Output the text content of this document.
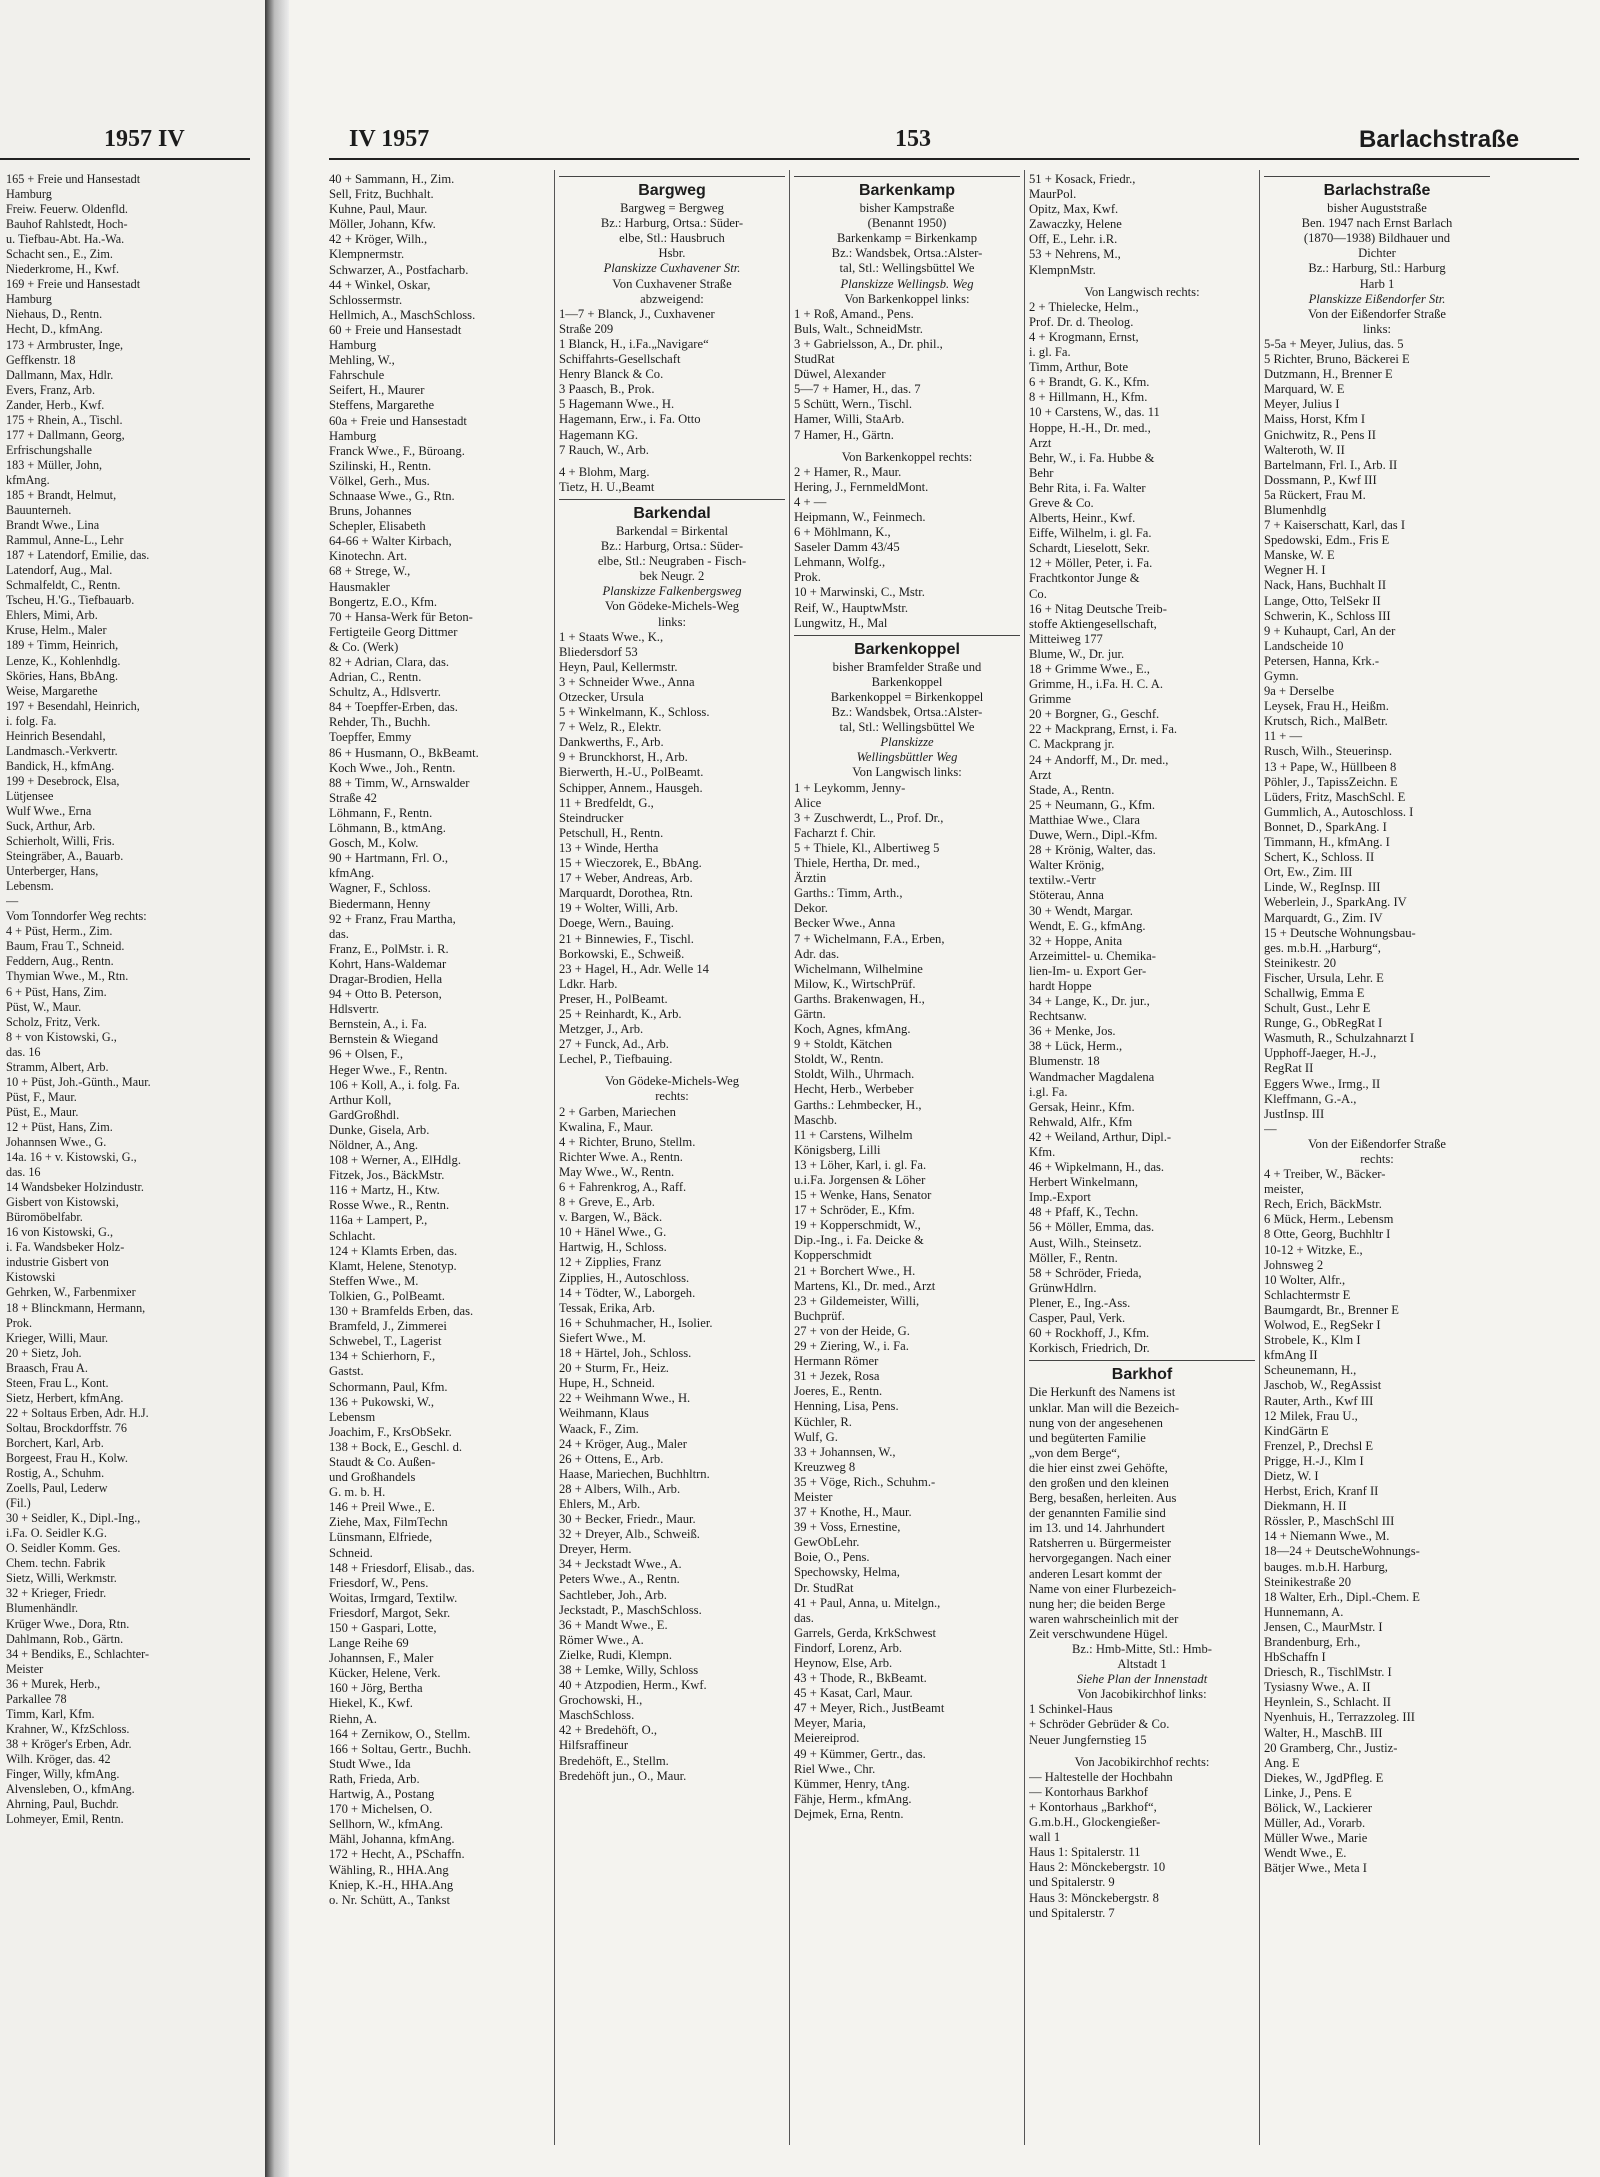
1957 IV
165 + Freie und Hansestadt
Hamburg
Freiw. Feuerw. Oldenfld.
Bauhof Rahlstedt, Hoch-
u. Tiefbau-Abt. Ha.-Wa.
Schacht sen., E., Zim.
Niederkrome, H., Kwf.
169 + Freie und Hansestadt
Hamburg
Niehaus, D., Rentn.
Hecht, D., kfmAng.
173 + Armbruster, Inge,
Geffkenstr. 18
Dallmann, Max, Hdlr.
Evers, Franz, Arb.
Zander, Herb., Kwf.
175 + Rhein, A., Tischl.
177 + Dallmann, Georg,
Erfrischungshalle
183 + Müller, John,
kfmAng.
185 + Brandt, Helmut,
Bauunterneh.
Brandt Wwe., Lina
Rammul, Anne-L., Lehr
187 + Latendorf, Emilie, das.
Latendorf, Aug., Mal.
Schmalfeldt, C., Rentn.
Tscheu, H.'G., Tiefbauarb.
Ehlers, Mimi, Arb.
Kruse, Helm., Maler
189 + Timm, Heinrich,
Lenze, K., Kohlenhdlg.
Sköries, Hans, BbAng.
Weise, Margarethe
197 + Besendahl, Heinrich,
i. folg. Fa.
Heinrich Besendahl,
Landmasch.-Verkvertr.
Bandick, H., kfmAng.
199 + Desebrock, Elsa,
Lütjensee
Wulf Wwe., Erna
Suck, Arthur, Arb.
Schierholt, Willi, Fris.
Steingräber, A., Bauarb.
Unterberger, Hans,
Lebensm.
—
Vom Tonndorfer Weg rechts:
4 + Püst, Herm., Zim.
Baum, Frau T., Schneid.
Feddern, Aug., Rentn.
Thymian Wwe., M., Rtn.
6 + Püst, Hans, Zim.
Püst, W., Maur.
Scholz, Fritz, Verk.
8 + von Kistowski, G.,
das. 16
Stramm, Albert, Arb.
10 + Püst, Joh.-Günth., Maur.
Püst, F., Maur.
Püst, E., Maur.
12 + Püst, Hans, Zim.
Johannsen Wwe., G.
14a. 16 + v. Kistowski, G.,
das. 16
14 Wandsbeker Holzindustr.
Gisbert von Kistowski,
Büromöbelfabr.
16 von Kistowski, G.,
i. Fa. Wandsbeker Holz-
industrie Gisbert von
Kistowski
Gehrken, W., Farbenmixer
18 + Blinckmann, Hermann,
Prok.
Krieger, Willi, Maur.
20 + Sietz, Joh.
Braasch, Frau A.
Steen, Frau L., Kont.
Sietz, Herbert, kfmAng.
22 + Soltaus Erben, Adr. H.J.
Soltau, Brockdorffstr. 76
Borchert, Karl, Arb.
Borgeest, Frau H., Kolw.
Rostig, A., Schuhm.
Zoells, Paul, Lederw
(Fil.)
30 + Seidler, K., Dipl.-Ing.,
i.Fa. O. Seidler K.G.
O. Seidler Komm. Ges.
Chem. techn. Fabrik
Sietz, Willi, Werkmstr.
32 + Krieger, Friedr.
Blumenhändlr.
Krüger Wwe., Dora, Rtn.
Dahlmann, Rob., Gärtn.
34 + Bendiks, E., Schlachter-
Meister
36 + Murek, Herb.,
Parkallee 78
Timm, Karl, Kfm.
Krahner, W., KfzSchloss.
38 + Kröger's Erben, Adr.
Wilh. Kröger, das. 42
Finger, Willy, kfmAng.
Alvensleben, O., kfmAng.
Ahrning, Paul, Buchdr.
Lohmeyer, Emil, Rentn.
IV 1957	153	Barlachstraße
40 + Sammann, H., Zim.
Sell, Fritz, Buchhalt.
Kuhne, Paul, Maur.
Möller, Johann, Kfw.
42 + Kröger, Wilh.,
Klempnermstr.
Schwarzer, A., Postfacharb.
44 + Winkel, Oskar,
Schlossermstr.
Hellmich, A., MaschSchloss.
60 + Freie und Hansestadt
Hamburg
Mehling, W.,
Fahrschule
Seifert, H., Maurer
Steffens, Margarethe
60a + Freie und Hansestadt
Hamburg
Franck Wwe., F., Büroang.
Szilinski, H., Rentn.
Völkel, Gerh., Mus.
Schnaase Wwe., G., Rtn.
Bruns, Johannes
Schepler, Elisabeth
64-66 + Walter Kirbach,
Kinotechn. Art.
68 + Strege, W.,
Hausmakler
Bongertz, E.O., Kfm.
70 + Hansa-Werk für Beton-
Fertigteile Georg Dittmer
& Co. (Werk)
82 + Adrian, Clara, das.
Adrian, C., Rentn.
Schultz, A., Hdlsvertr.
84 + Toepffer-Erben, das.
Rehder, Th., Buchh.
Toepffer, Emmy
86 + Husmann, O., BkBeamt.
Koch Wwe., Joh., Rentn.
88 + Timm, W., Arnswalder
Straße 42
Löhmann, F., Rentn.
Löhmann, B., ktmAng.
Gosch, M., Kolw.
90 + Hartmann, Frl. O.,
kfmAng.
Wagner, F., Schloss.
Biedermann, Henny
92 + Franz, Frau Martha,
das.
Franz, E., PolMstr. i. R.
Kohrt, Hans-Waldemar
Dragar-Brodien, Hella
94 + Otto B. Peterson,
Hdlsvertr.
Bernstein, A., i. Fa.
Bernstein & Wiegand
96 + Olsen, F.,
Heger Wwe., F., Rentn.
106 + Koll, A., i. folg. Fa.
Arthur Koll,
GardGroßhdl.
Dunke, Gisela, Arb.
Nöldner, A., Ang.
108 + Werner, A., ElHdlg.
Fitzek, Jos., BäckMstr.
116 + Martz, H., Ktw.
Rosse Wwe., R., Rentn.
116a + Lampert, P.,
Schlacht.
124 + Klamts Erben, das.
Klamt, Helene, Stenotyp.
Steffen Wwe., M.
Tolkien, G., PolBeamt.
130 + Bramfelds Erben, das.
Bramfeld, J., Zimmerei
Schwebel, T., Lagerist
134 + Schierhorn, F.,
Gastst.
Schormann, Paul, Kfm.
136 + Pukowski, W.,
Lebensm
Joachim, F., KrsObSekr.
138 + Bock, E., Geschl. d.
Staudt & Co. Außen-
und Großhandels
G. m. b. H.
146 + Preil Wwe., E.
Ziehe, Max, FilmTechn
Lünsmann, Elfriede,
Schneid.
148 + Friesdorf, Elisab., das.
Friesdorf, W., Pens.
Woitas, Irmgard, Textilw.
Friesdorf, Margot, Sekr.
150 + Gaspari, Lotte,
Lange Reihe 69
Johannsen, F., Maler
Kücker, Helene, Verk.
160 + Jörg, Bertha
Hiekel, K., Kwf.
Riehn, A.
164 + Zernikow, O., Stellm.
166 + Soltau, Gertr., Buchh.
Studt Wwe., Ida
Rath, Frieda, Arb.
Hartwig, A., Postang
170 + Michelsen, O.
Sellhorn, W., kfmAng.
Mähl, Johanna, kfmAng.
172 + Hecht, A., PSchaffn.
Wähling, R., HHA.Ang
Kniep, K.-H., HHA.Ang
o. Nr. Schütt, A., Tankst
Bargweg
Bargweg = Bergweg
Bz.: Harburg, Ortsa.: Süder-
elbe, Stl.: Hausbruch
Hsbr.
Planskizze Cuxhavener Str.
Von Cuxhavener Straße
abzweigend:
1—7 + Blanck, J., Cuxhavener
Straße 209
1 Blanck, H., i.Fa.„Navigare“
Schiffahrts-Gesellschaft
Henry Blanck & Co.
3 Paasch, B., Prok.
5 Hagemann Wwe., H.
Hagemann, Erw., i. Fa. Otto
Hagemann KG.
7 Rauch, W., Arb.
4 + Blohm, Marg.
Tietz, H. U.,Beamt
Barkendal
Barkendal = Birkental
Bz.: Harburg, Ortsa.: Süder-
elbe, Stl.: Neugraben - Fisch-
bek Neugr. 2
Planskizze Falkenbergsweg
Von Gödeke-Michels-Weg
links:
1 + Staats Wwe., K.,
Bliedersdorf 53
Heyn, Paul, Kellermstr.
3 + Schneider Wwe., Anna
Otzecker, Ursula
5 + Winkelmann, K., Schloss.
7 + Welz, R., Elektr.
Dankwerths, F., Arb.
9 + Brunckhorst, H., Arb.
Bierwerth, H.-U., PolBeamt.
Schipper, Annem., Hausgeh.
11 + Bredfeldt, G.,
Steindrucker
Petschull, H., Rentn.
13 + Winde, Hertha
15 + Wieczorek, E., BbAng.
17 + Weber, Andreas, Arb.
Marquardt, Dorothea, Rtn.
19 + Wolter, Willi, Arb.
Doege, Wern., Bauing.
21 + Binnewies, F., Tischl.
Borkowski, E., Schweiß.
23 + Hagel, H., Adr. Welle 14
Ldkr. Harb.
Preser, H., PolBeamt.
25 + Reinhardt, K., Arb.
Metzger, J., Arb.
27 + Funck, Ad., Arb.
Lechel, P., Tiefbauing.
Von Gödeke-Michels-Weg
rechts:
2 + Garben, Mariechen
Kwalina, F., Maur.
4 + Richter, Bruno, Stellm.
Richter Wwe. A., Rentn.
May Wwe., W., Rentn.
6 + Fahrenkrog, A., Raff.
8 + Greve, E., Arb.
v. Bargen, W., Bäck.
10 + Hänel Wwe., G.
Hartwig, H., Schloss.
12 + Zipplies, Franz
Zipplies, H., Autoschloss.
14 + Tödter, W., Laborgeh.
Tessak, Erika, Arb.
16 + Schuhmacher, H., Isolier.
Siefert Wwe., M.
18 + Härtel, Joh., Schloss.
20 + Sturm, Fr., Heiz.
Hupe, H., Schneid.
22 + Weihmann Wwe., H.
Weihmann, Klaus
Waack, F., Zim.
24 + Kröger, Aug., Maler
26 + Ottens, E., Arb.
Haase, Mariechen, Buchhltrn.
28 + Albers, Wilh., Arb.
Ehlers, M., Arb.
30 + Becker, Friedr., Maur.
32 + Dreyer, Alb., Schweiß.
Dreyer, Herm.
34 + Jeckstadt Wwe., A.
Peters Wwe., A., Rentn.
Sachtleber, Joh., Arb.
Jeckstadt, P., MaschSchloss.
36 + Mandt Wwe., E.
Römer Wwe., A.
Zielke, Rudi, Klempn.
38 + Lemke, Willy, Schloss
40 + Atzpodien, Herm., Kwf.
Grochowski, H.,
MaschSchloss.
42 + Bredehöft, O.,
Hilfsraffineur
Bredehöft, E., Stellm.
Bredehöft jun., O., Maur.
Barkenkamp
bisher Kampstraße
(Benannt 1950)
Barkenkamp = Birkenkamp
Bz.: Wandsbek, Ortsa.:Alster-
tal, Stl.: Wellingsbüttel We
Planskizze Wellingsb. Weg
Von Barkenkoppel links:
1 + Roß, Amand., Pens.
Buls, Walt., SchneidMstr.
3 + Gabrielsson, A., Dr. phil.,
StudRat
Düwel, Alexander
5—7 + Hamer, H., das. 7
5 Schütt, Wern., Tischl.
Hamer, Willi, StaArb.
7 Hamer, H., Gärtn.
Von Barkenkoppel rechts:
2 + Hamer, R., Maur.
Hering, J., FernmeldMont.
4 + —
Heipmann, W., Feinmech.
6 + Möhlmann, K.,
Saseler Damm 43/45
Lehmann, Wolfg.,
Prok.
10 + Marwinski, C., Mstr.
Reif, W., HauptwMstr.
Lungwitz, H., Mal
Barkenkoppel
bisher Bramfelder Straße und
Barkenkoppel
Barkenkoppel = Birkenkoppel
Bz.: Wandsbek, Ortsa.:Alster-
tal, Stl.: Wellingsbüttel We
Planskizze
Wellingsbüttler Weg
Von Langwisch links:
1 + Leykomm, Jenny-
Alice
3 + Zuschwerdt, L., Prof. Dr.,
Facharzt f. Chir.
5 + Thiele, Kl., Albertiweg 5
Thiele, Hertha, Dr. med.,
Ärztin
Garths.: Timm, Arth.,
Dekor.
Becker Wwe., Anna
7 + Wichelmann, F.A., Erben,
Adr. das.
Wichelmann, Wilhelmine
Milow, K., WirtschPrüf.
Garths. Brakenwagen, H.,
Gärtn.
Koch, Agnes, kfmAng.
9 + Stoldt, Kätchen
Stoldt, W., Rentn.
Stoldt, Wilh., Uhrmach.
Hecht, Herb., Werbeber
Garths.: Lehmbecker, H.,
Maschb.
11 + Carstens, Wilhelm
Königsberg, Lilli
13 + Löher, Karl, i. gl. Fa.
u.i.Fa. Jorgensen & Löher
15 + Wenke, Hans, Senator
17 + Schröder, E., Kfm.
19 + Kopperschmidt, W.,
Dip.-Ing., i. Fa. Deicke &
Kopperschmidt
21 + Borchert Wwe., H.
Martens, Kl., Dr. med., Arzt
23 + Gildemeister, Willi,
Buchprüf.
27 + von der Heide, G.
29 + Ziering, W., i. Fa.
Hermann Römer
31 + Jezek, Rosa
Joeres, E., Rentn.
Henning, Lisa, Pens.
Küchler, R.
Wulf, G.
33 + Johannsen, W.,
Kreuzweg 8
35 + Vöge, Rich., Schuhm.-
Meister
37 + Knothe, H., Maur.
39 + Voss, Ernestine,
GewObLehr.
Boie, O., Pens.
Spechowsky, Helma,
Dr. StudRat
41 + Paul, Anna, u. Mitelgn.,
das.
Garrels, Gerda, KrkSchwest
Findorf, Lorenz, Arb.
Heynow, Else, Arb.
43 + Thode, R., BkBeamt.
45 + Kasat, Carl, Maur.
47 + Meyer, Rich., JustBeamt
Meyer, Maria,
Meiereiprod.
49 + Kümmer, Gertr., das.
Riel Wwe., Chr.
Kümmer, Henry, tAng.
Fähje, Herm., kfmAng.
Dejmek, Erna, Rentn.
51 + Kosack, Friedr.,
MaurPol.
Opitz, Max, Kwf.
Zawaczky, Helene
Off, E., Lehr. i.R.
53 + Nehrens, M.,
KlempnMstr.
Von Langwisch rechts:
2 + Thielecke, Helm.,
Prof. Dr. d. Theolog.
4 + Krogmann, Ernst,
i. gl. Fa.
Timm, Arthur, Bote
6 + Brandt, G. K., Kfm.
8 + Hillmann, H., Kfm.
10 + Carstens, W., das. 11
Hoppe, H.-H., Dr. med.,
Arzt
Behr, W., i. Fa. Hubbe &
Behr
Behr Rita, i. Fa. Walter
Greve & Co.
Alberts, Heinr., Kwf.
Eiffe, Wilhelm, i. gl. Fa.
Schardt, Lieselott, Sekr.
12 + Möller, Peter, i. Fa.
Frachtkontor Junge &
Co.
16 + Nitag Deutsche Treib-
stoffe Aktiengesellschaft,
Mitteiweg 177
Blume, W., Dr. jur.
18 + Grimme Wwe., E.,
Grimme, H., i.Fa. H. C. A.
Grimme
20 + Borgner, G., Geschf.
22 + Mackprang, Ernst, i. Fa.
C. Mackprang jr.
24 + Andorff, M., Dr. med.,
Arzt
Stade, A., Rentn.
25 + Neumann, G., Kfm.
Matthiae Wwe., Clara
Duwe, Wern., Dipl.-Kfm.
28 + Krönig, Walter, das.
Walter Krönig,
textilw.-Vertr
Stöterau, Anna
30 + Wendt, Margar.
Wendt, E. G., kfmAng.
32 + Hoppe, Anita
Arzeimittel- u. Chemika-
lien-Im- u. Export Ger-
hardt Hoppe
34 + Lange, K., Dr. jur.,
Rechtsanw.
36 + Menke, Jos.
38 + Lück, Herm.,
Blumenstr. 18
Wandmacher Magdalena
i.gl. Fa.
Gersak, Heinr., Kfm.
Rehwald, Alfr., Kfm
42 + Weiland, Arthur, Dipl.-
Kfm.
46 + Wipkelmann, H., das.
Herbert Winkelmann,
Imp.-Export
48 + Pfaff, K., Techn.
56 + Möller, Emma, das.
Aust, Wilh., Steinsetz.
Möller, F., Rentn.
58 + Schröder, Frieda,
GrünwHdlrn.
Plener, E., Ing.-Ass.
Casper, Paul, Verk.
60 + Rockhoff, J., Kfm.
Korkisch, Friedrich, Dr.
Barkhof
Die Herkunft des Namens ist
unklar. Man will die Bezeich-
nung von der angesehenen
und begüterten Familie
„von dem Berge“,
die hier einst zwei Gehöfte,
den großen und den kleinen
Berg, besaßen, herleiten. Aus
der genannten Familie sind
im 13. und 14. Jahrhundert
Ratsherren u. Bürgermeister
hervorgegangen. Nach einer
anderen Lesart kommt der
Name von einer Flurbezeich-
nung her; die beiden Berge
waren wahrscheinlich mit der
Zeit verschwundene Hügel.
Bz.: Hmb-Mitte, Stl.: Hmb-
Altstadt 1
Siehe Plan der Innenstadt
Von Jacobikirchhof links:
1 Schinkel-Haus
+ Schröder Gebrüder & Co.
Neuer Jungfernstieg 15
Von Jacobikirchhof rechts:
— Haltestelle der Hochbahn
— Kontorhaus Barkhof
+ Kontorhaus „Barkhof“,
G.m.b.H., Glockengießer-
wall 1
Haus 1: Spitalerstr. 11
Haus 2: Mönckebergstr. 10
und Spitalerstr. 9
Haus 3: Mönckebergstr. 8
und Spitalerstr. 7
Barlachstraße
bisher Auguststraße
Ben. 1947 nach Ernst Barlach
(1870—1938) Bildhauer und
Dichter
Bz.: Harburg, Stl.: Harburg
Harb 1
Planskizze Eißendorfer Str.
Von der Eißendorfer Straße
links:
5-5a + Meyer, Julius, das. 5
5 Richter, Bruno, Bäckerei E
Dutzmann, H., Brenner E
Marquard, W. E
Meyer, Julius I
Maiss, Horst, Kfm I
Gnichwitz, R., Pens II
Walteroth, W. II
Bartelmann, Frl. I., Arb. II
Dossmann, P., Kwf III
5a Rückert, Frau M.
Blumenhdlg
7 + Kaiserschatt, Karl, das I
Spedowski, Edm., Fris E
Manske, W. E
Wegner H. I
Nack, Hans, Buchhalt II
Lange, Otto, TelSekr II
Schwerin, K., Schloss III
9 + Kuhaupt, Carl, An der
Landscheide 10
Petersen, Hanna, Krk.-
Gymn.
9a + Derselbe
Leysek, Frau H., Heißm.
Krutsch, Rich., MalBetr.
11 + —
Rusch, Wilh., Steuerinsp.
13 + Pape, W., Hüllbeen 8
Pöhler, J., TapissZeichn. E
Lüders, Fritz, MaschSchl. E
Gummlich, A., Autoschloss. I
Bonnet, D., SparkAng. I
Timmann, H., kfmAng. I
Schert, K., Schloss. II
Ort, Ew., Zim. III
Linde, W., RegInsp. III
Weberlein, J., SparkAng. IV
Marquardt, G., Zim. IV
15 + Deutsche Wohnungsbau-
ges. m.b.H. „Harburg“,
Steinikestr. 20
Fischer, Ursula, Lehr. E
Schallwig, Emma E
Schult, Gust., Lehr E
Runge, G., ObRegRat I
Wasmuth, R., Schulzahnarzt I
Upphoff-Jaeger, H.-J.,
RegRat II
Eggers Wwe., Irmg., II
Kleffmann, G.-A.,
JustInsp. III
—
Von der Eißendorfer Straße
rechts:
4 + Treiber, W., Bäcker-
meister,
Rech, Erich, BäckMstr.
6 Mück, Herm., Lebensm
8 Otte, Georg, Buchhltr I
10-12 + Witzke, E.,
Johnsweg 2
10 Wolter, Alfr.,
Schlachtermstr E
Baumgardt, Br., Brenner E
Wolwod, E., RegSekr I
Strobele, K., Klm I
kfmAng II
Scheunemann, H.,
Jaschob, W., RegAssist
Rauter, Arth., Kwf III
12 Milek, Frau U.,
KindGärtn E
Frenzel, P., Drechsl E
Prigge, H.-J., Klm I
Dietz, W. I
Herbst, Erich, Kranf II
Diekmann, H. II
Rössler, P., MaschSchl III
14 + Niemann Wwe., M.
18—24 + DeutscheWohnungs-
bauges. m.b.H. Harburg,
Steinikestraße 20
18 Walter, Erh., Dipl.-Chem. E
Hunnemann, A.
Jensen, C., MaurMstr. I
Brandenburg, Erh.,
HbSchaffn I
Driesch, R., TischlMstr. I
Tysiasny Wwe., A. II
Heynlein, S., Schlacht. II
Nyenhuis, H., Terrazzoleg. III
Walter, H., MaschB. III
20 Gramberg, Chr., Justiz-
Ang. E
Diekes, W., JgdPfleg. E
Linke, J., Pens. E
Bölick, W., Lackierer
Müller, Ad., Vorarb.
Müller Wwe., Marie
Wendt Wwe., E.
Bätjer Wwe., Meta I
